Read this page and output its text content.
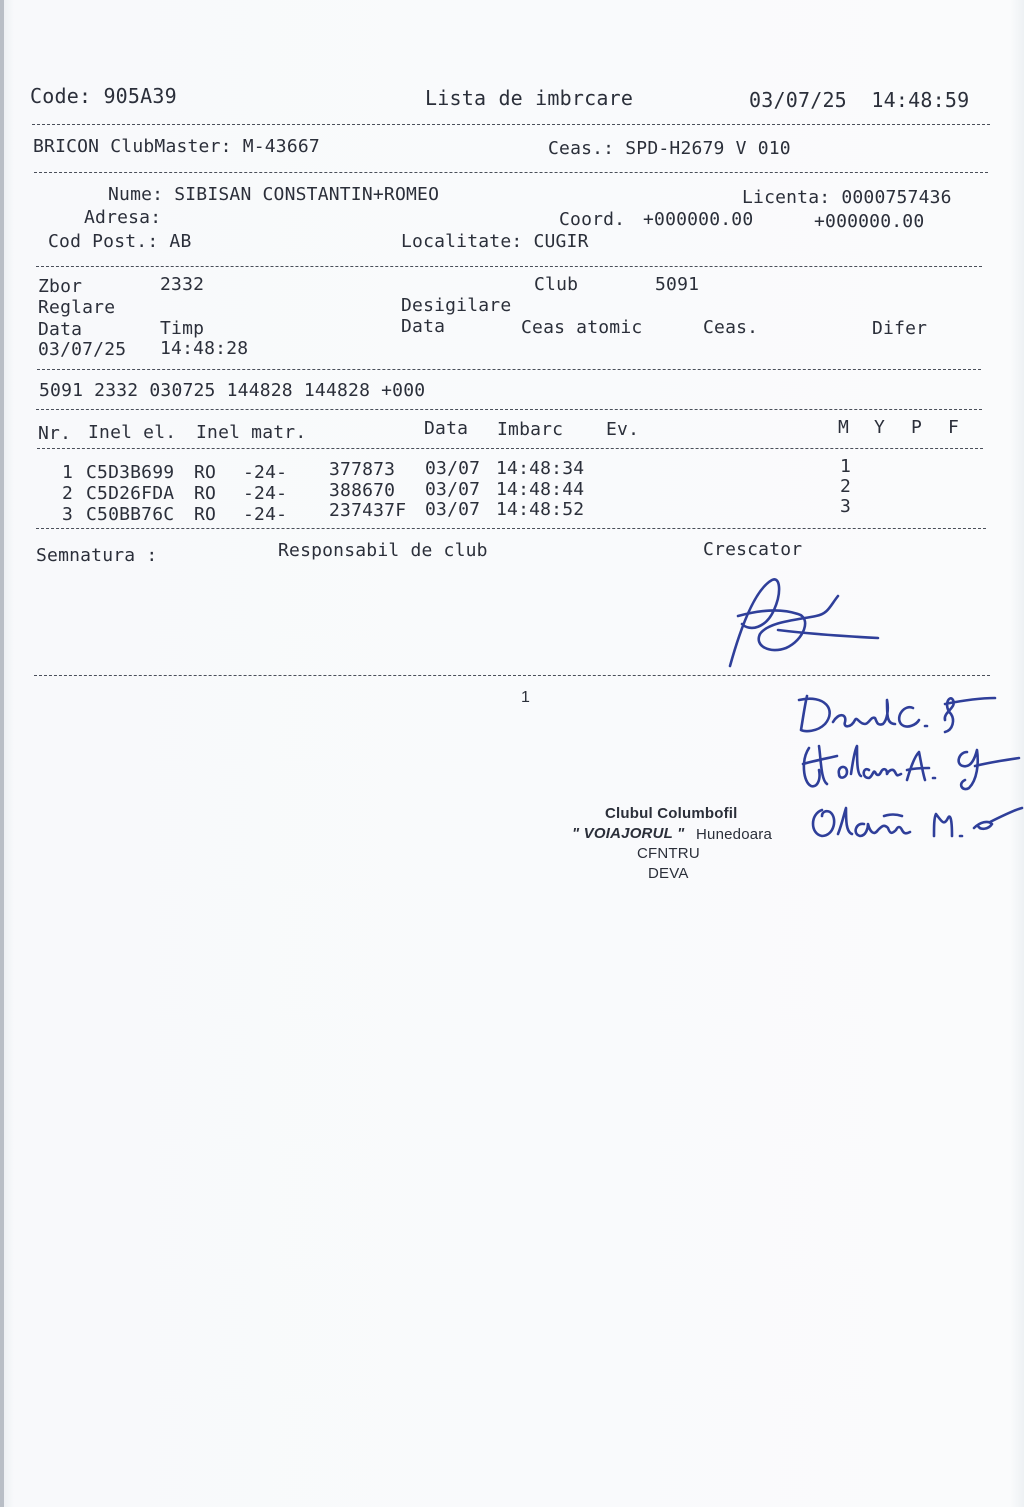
Code: 905A39	Lista de imbrcare	03/07/25  14:48:59
BRICON ClubMaster: M-43667	Ceas.: SPD-H2679 V 010
Nume: SIBISAN CONSTANTIN+ROMEO	Licenta: 0000757436
Adresa:	Coord. +000000.00	+000000.00
Cod Post.: AB	Localitate: CUGIR
Zbor	2332	Club	5091
Reglare	Desigilare
Data	Timp	Data	Ceas atomic	Ceas.	Difer
03/07/25 14:48:28
5091 2332 030725 144828 144828 +000
Nr. Inel el. Inel matr.	Data Imbarc Ev.	M Y P F
1 C5D3B699 RO -24- 377873 03/07 14:48:34	1
2 C5D26FDA RO -24- 388670 03/07 14:48:44	2
3 C50BB76C RO -24- 237437F 03/07 14:48:52	3
Semnatura :	Responsabil de club	Crescator
1
Clubul Columbofil
" VOIAJORUL " Hunedoara
CFNTRU
DEVA
